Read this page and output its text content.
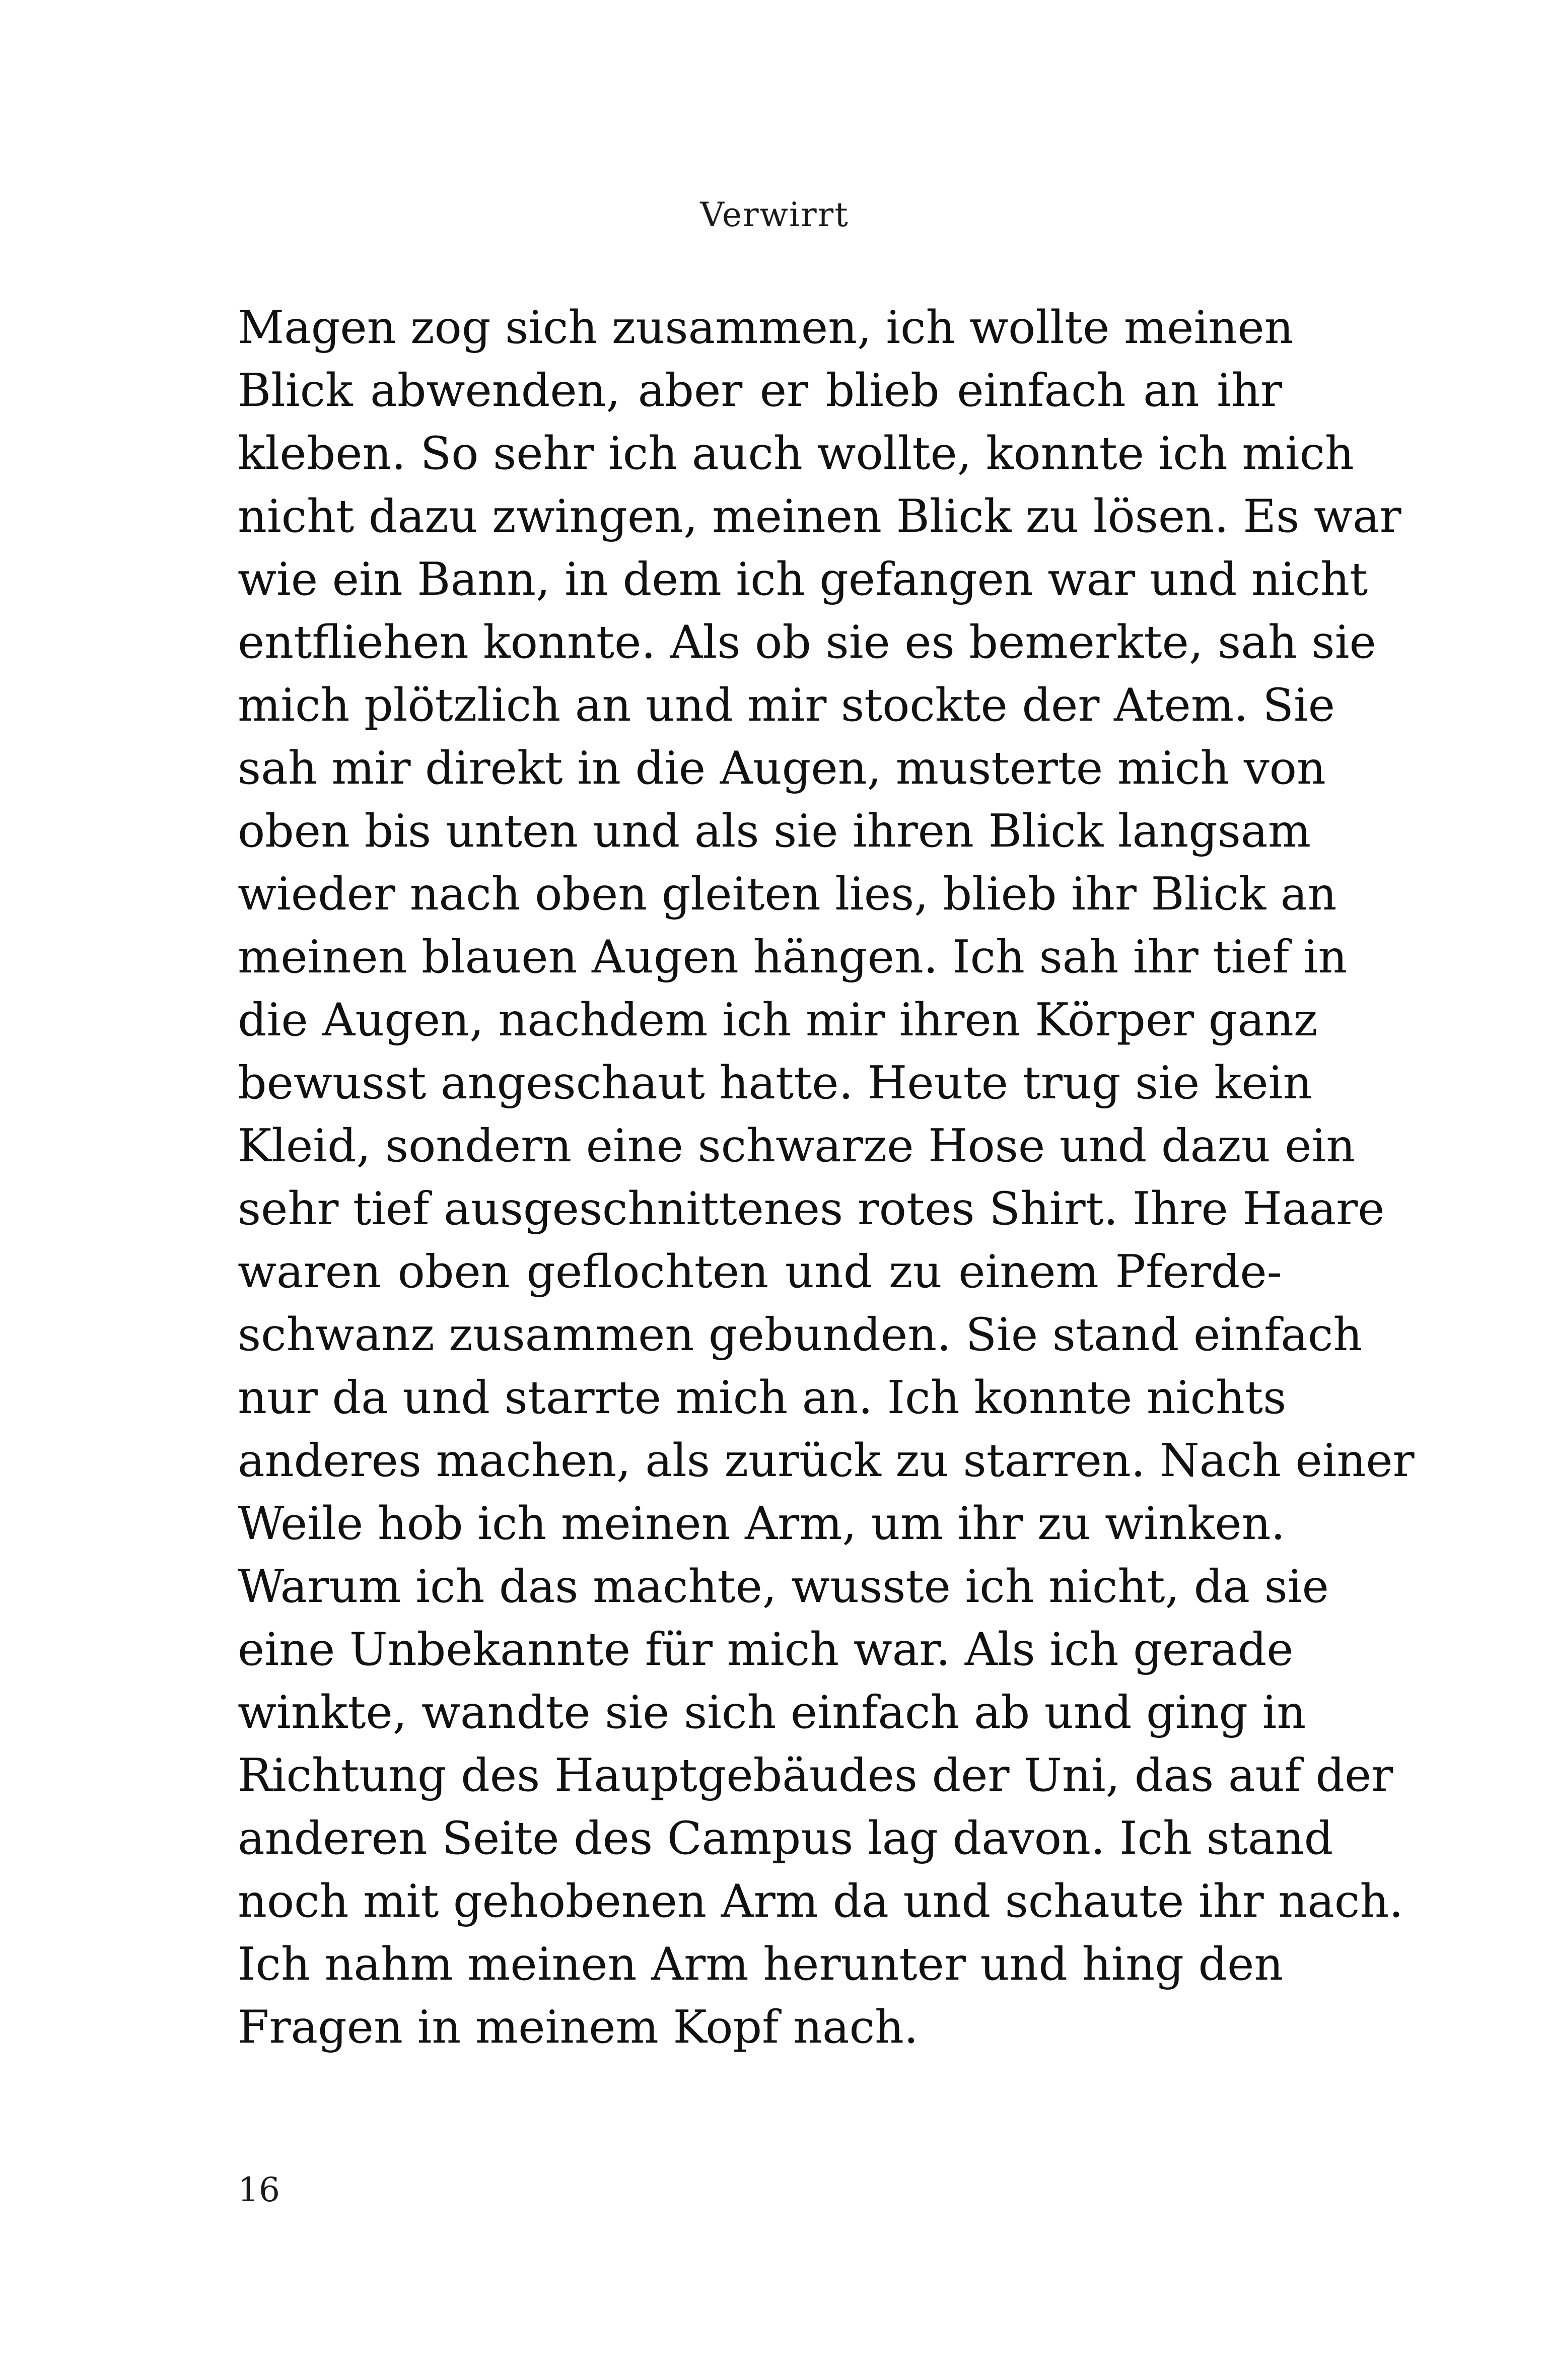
Verwirrt
Magen zog sich zusammen, ich wollte meinen
Blick abwenden, aber er blieb einfach an ihr
kleben. So sehr ich auch wollte, konnte ich mich
nicht dazu zwingen, meinen Blick zu lösen. Es war
wie ein Bann, in dem ich gefangen war und nicht
entfliehen konnte. Als ob sie es bemerkte, sah sie
mich plötzlich an und mir stockte der Atem. Sie
sah mir direkt in die Augen, musterte mich von
oben bis unten und als sie ihren Blick langsam
wieder nach oben gleiten lies, blieb ihr Blick an
meinen blauen Augen hängen. Ich sah ihr tief in
die Augen, nachdem ich mir ihren Körper ganz
bewusst angeschaut hatte. Heute trug sie kein
Kleid, sondern eine schwarze Hose und dazu ein
sehr tief ausgeschnittenes rotes Shirt. Ihre Haare
waren oben geflochten und zu einem Pferde-
schwanz zusammen gebunden. Sie stand einfach
nur da und starrte mich an. Ich konnte nichts
anderes machen, als zurück zu starren. Nach einer
Weile hob ich meinen Arm, um ihr zu winken.
Warum ich das machte, wusste ich nicht, da sie
eine Unbekannte für mich war. Als ich gerade
winkte, wandte sie sich einfach ab und ging in
Richtung des Hauptgebäudes der Uni, das auf der
anderen Seite des Campus lag davon. Ich stand
noch mit gehobenen Arm da und schaute ihr nach.
Ich nahm meinen Arm herunter und hing den
Fragen in meinem Kopf nach.
16
